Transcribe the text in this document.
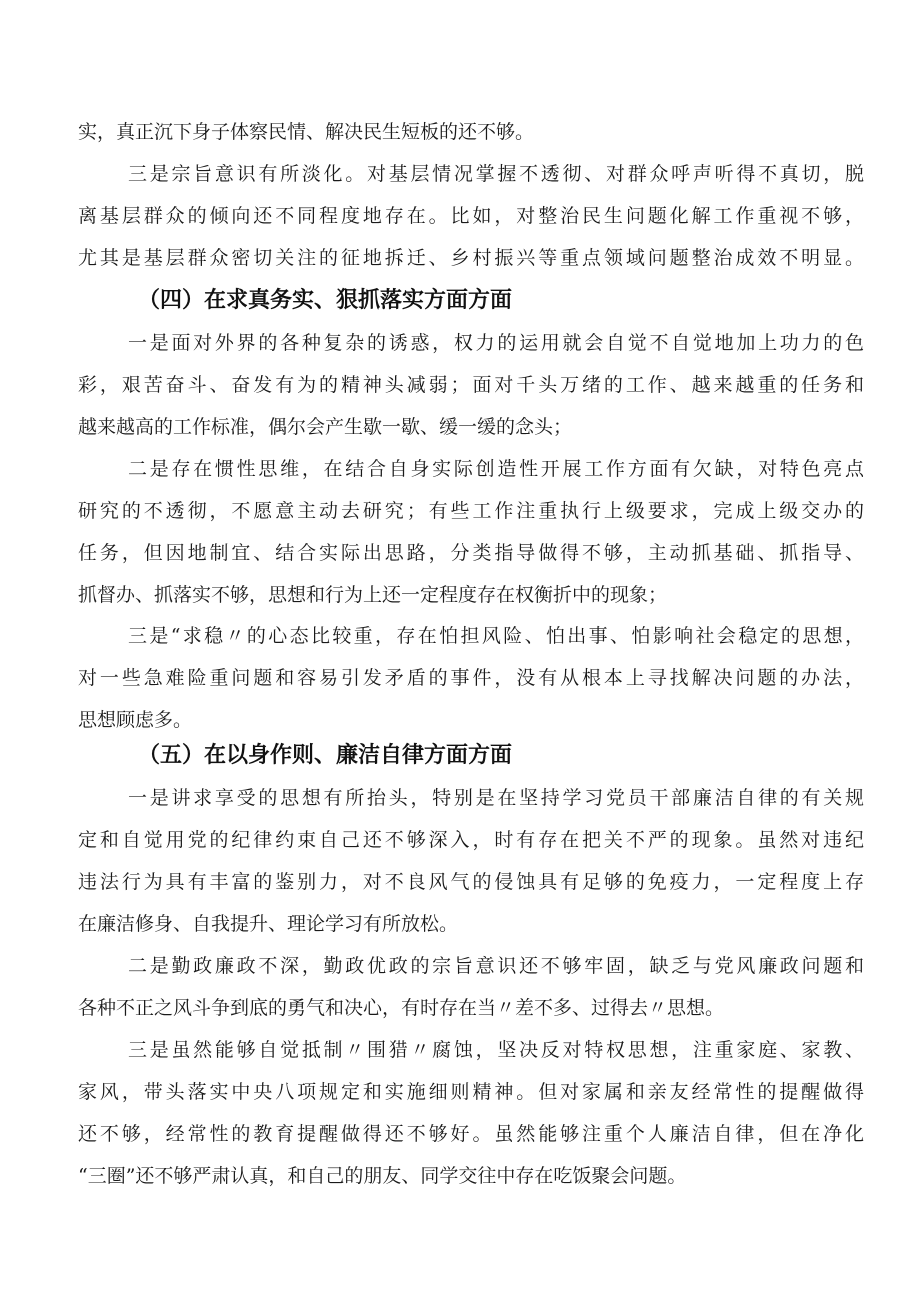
实，真正沉下身子体察民情、解决民生短板的还不够。
三是宗旨意识有所淡化。对基层情况掌握不透彻、对群众呼声听得不真切，脱
离基层群众的倾向还不同程度地存在。比如，对整治民生问题化解工作重视不够，
尤其是基层群众密切关注的征地拆迁、乡村振兴等重点领域问题整治成效不明显。
（四）在求真务实、狠抓落实方面方面
一是面对外界的各种复杂的诱惑，权力的运用就会自觉不自觉地加上功力的色
彩，艰苦奋斗、奋发有为的精神头减弱；面对千头万绪的工作、越来越重的任务和
越来越高的工作标准，偶尔会产生歇一歇、缓一缓的念头；
二是存在惯性思维，在结合自身实际创造性开展工作方面有欠缺，对特色亮点
研究的不透彻，不愿意主动去研究；有些工作注重执行上级要求，完成上级交办的
任务，但因地制宜、结合实际出思路，分类指导做得不够，主动抓基础、抓指导、
抓督办、抓落实不够，思想和行为上还一定程度存在权衡折中的现象；
三是“求稳〃的心态比较重，存在怕担风险、怕出事、怕影响社会稳定的思想，
对一些急难险重问题和容易引发矛盾的事件，没有从根本上寻找解决问题的办法，
思想顾虑多。
（五）在以身作则、廉洁自律方面方面
一是讲求享受的思想有所抬头，特别是在坚持学习党员干部廉洁自律的有关规
定和自觉用党的纪律约束自己还不够深入，时有存在把关不严的现象。虽然对违纪
违法行为具有丰富的鉴别力，对不良风气的侵蚀具有足够的免疫力，一定程度上存
在廉洁修身、自我提升、理论学习有所放松。
二是勤政廉政不深，勤政优政的宗旨意识还不够牢固，缺乏与党风廉政问题和
各种不正之风斗争到底的勇气和决心，有时存在当〃差不多、过得去〃思想。
三是虽然能够自觉抵制〃围猎〃腐蚀，坚决反对特权思想，注重家庭、家教、
家风，带头落实中央八项规定和实施细则精神。但对家属和亲友经常性的提醒做得
还不够，经常性的教育提醒做得还不够好。虽然能够注重个人廉洁自律，但在净化
“三圈”还不够严肃认真，和自己的朋友、同学交往中存在吃饭聚会问题。
